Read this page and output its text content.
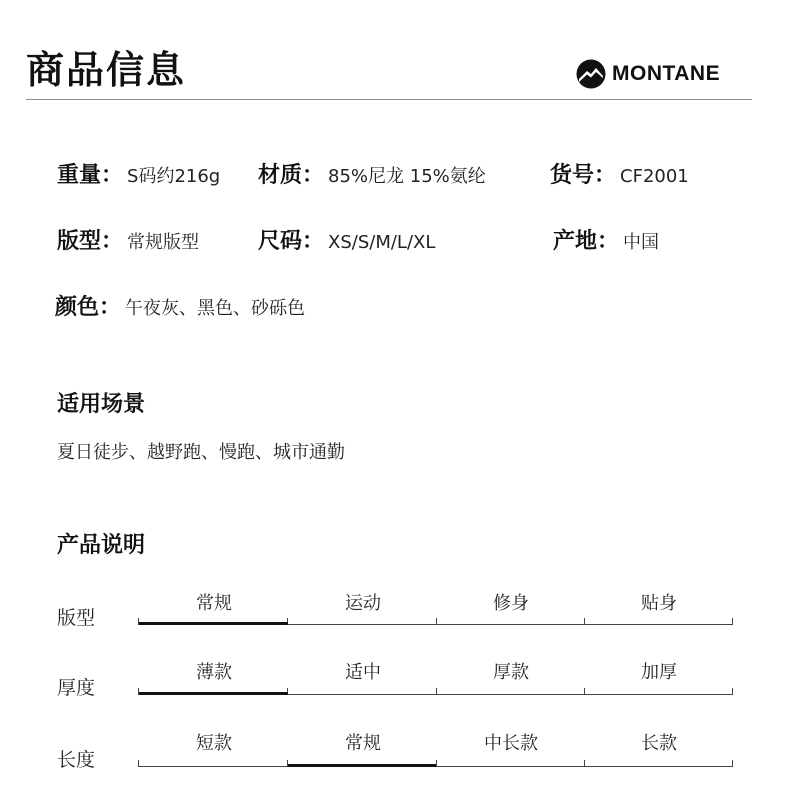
商品信息	MONTANE
重量： S码约216g 材质： 85%尼龙 15%氨纶	货号： CF2001
版型： 常规版型	尺码： XS/S/M/L/XL	产地： 中国
颜色： 午夜灰、黑色、砂砾色
适用场景
夏日徒步、越野跑、慢跑、城市通勤
产品说明
版型
常规	运动	修身	贴身
厚度
薄款	适中	厚款	加厚
长度
短款	常规	中长款	长款
